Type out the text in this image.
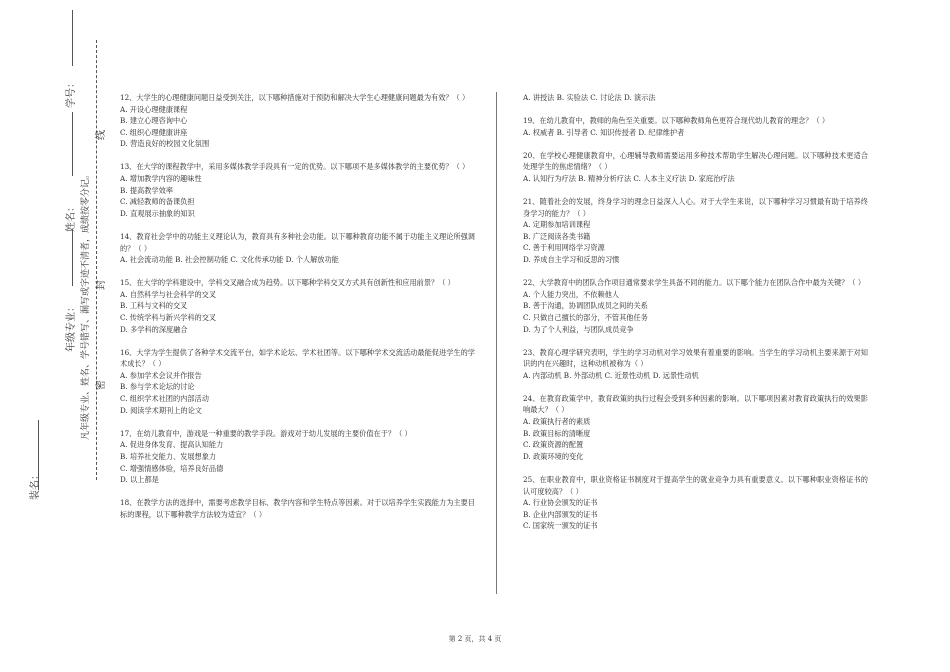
学号：
姓名：
年级专业：
装名：
凡年级专业、姓名、学号错写、漏写或字迹不清者，成绩按零分记。
线
封
密
12、大学生的心理健康问题日益受到关注，以下哪种措施对于预防和解决大学生心理健康问题最为有效？（ ）
A. 开设心理健康课程
B. 建立心理咨询中心
C. 组织心理健康讲座
D. 营造良好的校园文化氛围
13、在大学的课程教学中，采用多媒体教学手段具有一定的优势。以下哪项不是多媒体教学的主要优势？（ ）
A. 增加教学内容的趣味性
B. 提高教学效率
C. 减轻教师的备课负担
D. 直观展示抽象的知识
14、教育社会学中的功能主义理论认为，教育具有多种社会功能。以下哪种教育功能不属于功能主义理论所强调的？（ ）
A. 社会流动功能 B. 社会控制功能 C. 文化传承功能 D. 个人解放功能
15、在大学的学科建设中，学科交叉融合成为趋势。以下哪种学科交叉方式具有创新性和应用前景？（ ）
A. 自然科学与社会科学的交叉
B. 工科与文科的交叉
C. 传统学科与新兴学科的交叉
D. 多学科的深度融合
16、大学为学生提供了各种学术交流平台，如学术论坛、学术社团等。以下哪种学术交流活动最能促进学生的学术成长？（ ）
A. 参加学术会议并作报告
B. 参与学术论坛的讨论
C. 组织学术社团的内部活动
D. 阅读学术期刊上的论文
17、在幼儿教育中，游戏是一种重要的教学手段。游戏对于幼儿发展的主要价值在于？（ ）
A. 促进身体发育、提高认知能力
B. 培养社交能力、发展想象力
C. 增强情感体验，培养良好品德
D. 以上都是
18、在教学方法的选择中，需要考虑教学目标、教学内容和学生特点等因素。对于以培养学生实践能力为主要目标的课程，以下哪种教学方法较为适宜？（ ）
A. 讲授法 B. 实验法 C. 讨论法 D. 演示法
19、在幼儿教育中，教师的角色至关重要。以下哪种教师角色更符合现代幼儿教育的理念？（ ）
A. 权威者 B. 引导者 C. 知识传授者 D. 纪律维护者
20、在学校心理健康教育中，心理辅导教师需要运用多种技术帮助学生解决心理问题。以下哪种技术更适合处理学生的焦虑情绪？（ ）
A. 认知行为疗法 B. 精神分析疗法 C. 人本主义疗法 D. 家庭治疗法
21、随着社会的发展，终身学习的理念日益深入人心。对于大学生来说，以下哪种学习习惯最有助于培养终身学习的能力？（ ）
A. 定期参加培训课程
B. 广泛阅读各类书籍
C. 善于利用网络学习资源
D. 养成自主学习和反思的习惯
22、大学教育中的团队合作项目通常要求学生具备不同的能力。以下哪个能力在团队合作中最为关键？（ ）
A. 个人能力突出，不依赖他人
B. 善于沟通，协调团队成员之间的关系
C. 只做自己擅长的部分，不管其他任务
D. 为了个人利益，与团队成员竞争
23、教育心理学研究表明，学生的学习动机对学习效果有着重要的影响。当学生的学习动机主要来源于对知识的内在兴趣时，这种动机被称为（ ）
A. 内部动机 B. 外部动机 C. 近景性动机 D. 远景性动机
24、在教育政策学中，教育政策的执行过程会受到多种因素的影响。以下哪项因素对教育政策执行的效果影响最大？（ ）
A. 政策执行者的素质
B. 政策目标的清晰度
C. 政策资源的配置
D. 政策环境的变化
25、在职业教育中，职业资格证书制度对于提高学生的就业竞争力具有重要意义。以下哪种职业资格证书的认可度较高？（ ）
A. 行业协会颁发的证书
B. 企业内部颁发的证书
C. 国家统一颁发的证书
第 2 页，共 4 页
